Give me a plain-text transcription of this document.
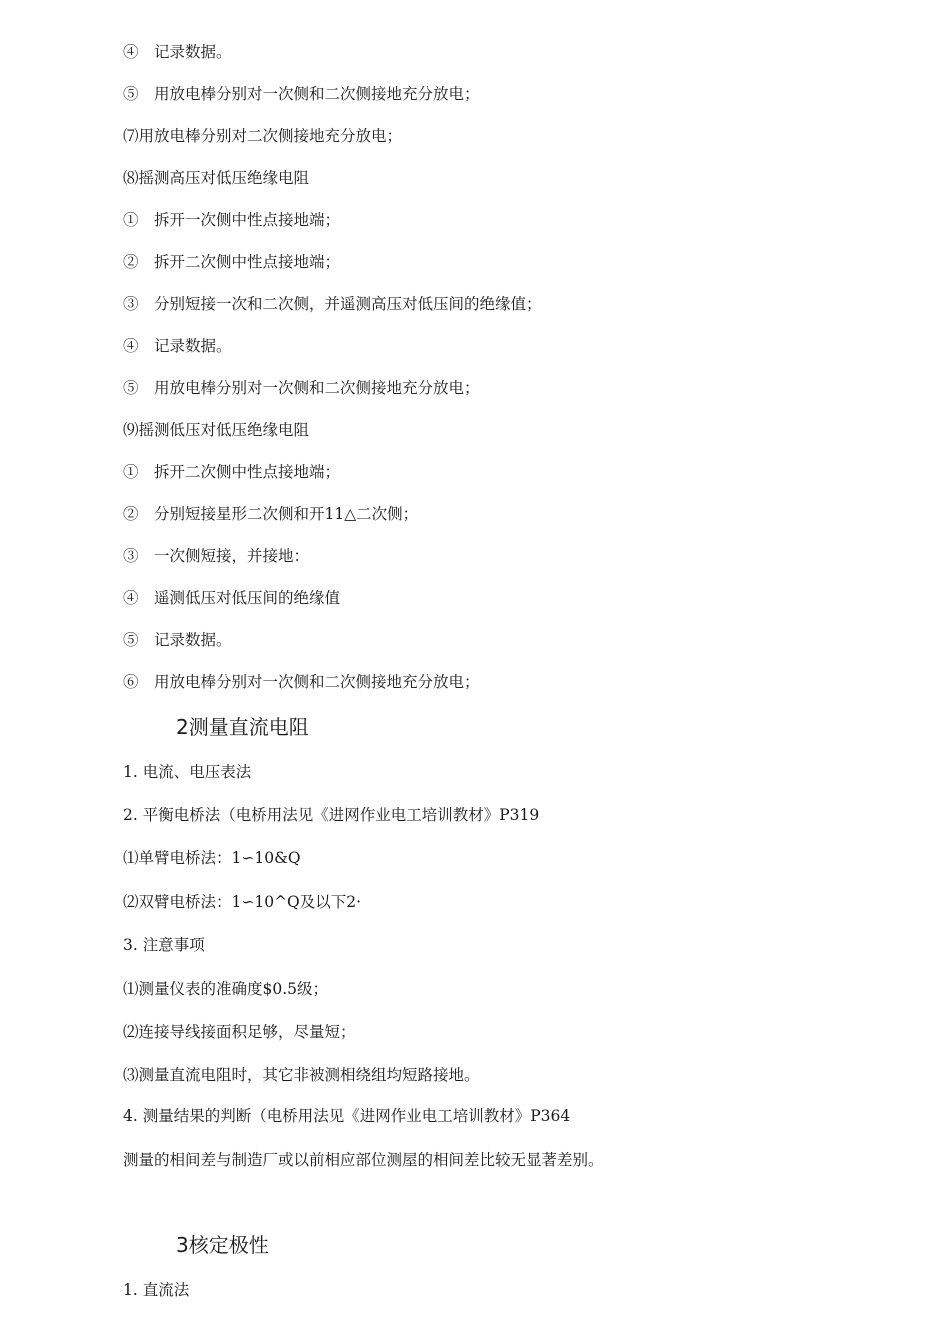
④　记录数据。
⑤　用放电棒分别对一次侧和二次侧接地充分放电；
⑺用放电棒分别对二次侧接地充分放电；
⑻摇测高压对低压绝缘电阻
①　拆开一次侧中性点接地端；
②　拆开二次侧中性点接地端；
③　分别短接一次和二次侧，并遥测高压对低压间的绝缘值；
④　记录数据。
⑤　用放电棒分别对一次侧和二次侧接地充分放电；
⑼摇测低压对低压绝缘电阻
①　拆开二次侧中性点接地端；
②　分别短接星形二次侧和开11△二次侧；
③　一次侧短接，并接地：
④　遥测低压对低压间的绝缘值
⑤　记录数据。
⑥　用放电棒分别对一次侧和二次侧接地充分放电；
2测量直流电阻
1. 电流、电压表法
2. 平衡电桥法（电桥用法见《进网作业电工培训教材》P319
⑴单臂电桥法：1∽10&Q
⑵双臂电桥法：1∽10^Q及以下2·
3. 注意事项
⑴测量仪表的准确度$0.5级；
⑵连接导线接面积足够，尽量短；
⑶测量直流电阻时，其它非被测相绕组均短路接地。
4. 测量结果的判断（电桥用法见《进网作业电工培训教材》P364
测量的相间差与制造厂或以前相应部位测屋的相间差比较无显著差别。
3核定极性
1. 直流法
